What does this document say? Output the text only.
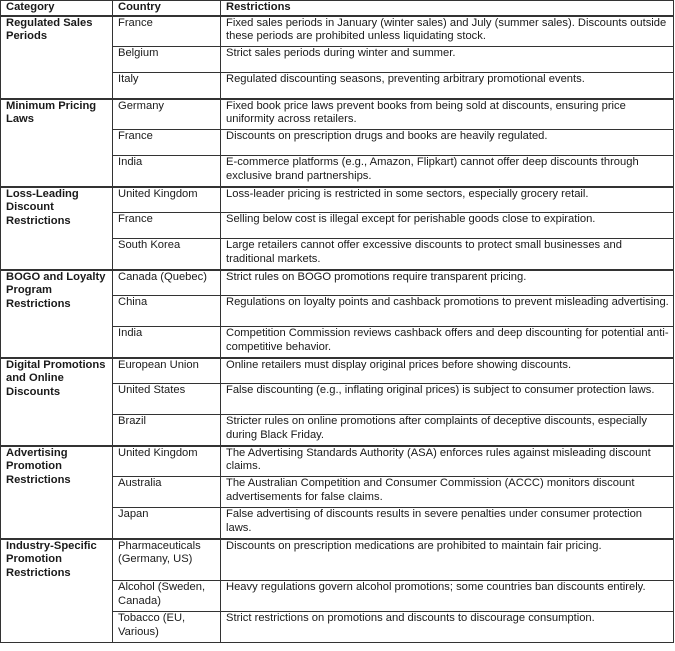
Category	Country	Restrictions
Regulated Sales Periods	France	Fixed sales periods in January (winter sales) and July (summer sales). Discounts outside these periods are prohibited unless liquidating stock.
	Belgium	Strict sales periods during winter and summer.
	Italy	Regulated discounting seasons, preventing arbitrary promotional events.
Minimum Pricing Laws	Germany	Fixed book price laws prevent books from being sold at discounts, ensuring price uniformity across retailers.
	France	Discounts on prescription drugs and books are heavily regulated.
	India	E-commerce platforms (e.g., Amazon, Flipkart) cannot offer deep discounts through exclusive brand partnerships.
Loss-Leading Discount Restrictions	United Kingdom	Loss-leader pricing is restricted in some sectors, especially grocery retail.
	France	Selling below cost is illegal except for perishable goods close to expiration.
	South Korea	Large retailers cannot offer excessive discounts to protect small businesses and traditional markets.
BOGO and Loyalty Program Restrictions	Canada (Quebec)	Strict rules on BOGO promotions require transparent pricing.
	China	Regulations on loyalty points and cashback promotions to prevent misleading advertising.
	India	Competition Commission reviews cashback offers and deep discounting for potential anti-competitive behavior.
Digital Promotions and Online Discounts	European Union	Online retailers must display original prices before showing discounts.
	United States	False discounting (e.g., inflating original prices) is subject to consumer protection laws.
	Brazil	Stricter rules on online promotions after complaints of deceptive discounts, especially during Black Friday.
Advertising Promotion Restrictions	United Kingdom	The Advertising Standards Authority (ASA) enforces rules against misleading discount claims.
	Australia	The Australian Competition and Consumer Commission (ACCC) monitors discount advertisements for false claims.
	Japan	False advertising of discounts results in severe penalties under consumer protection laws.
Industry-Specific Promotion Restrictions	Pharmaceuticals (Germany, US)	Discounts on prescription medications are prohibited to maintain fair pricing.
	Alcohol (Sweden, Canada)	Heavy regulations govern alcohol promotions; some countries ban discounts entirely.
	Tobacco (EU, Various)	Strict restrictions on promotions and discounts to discourage consumption.
